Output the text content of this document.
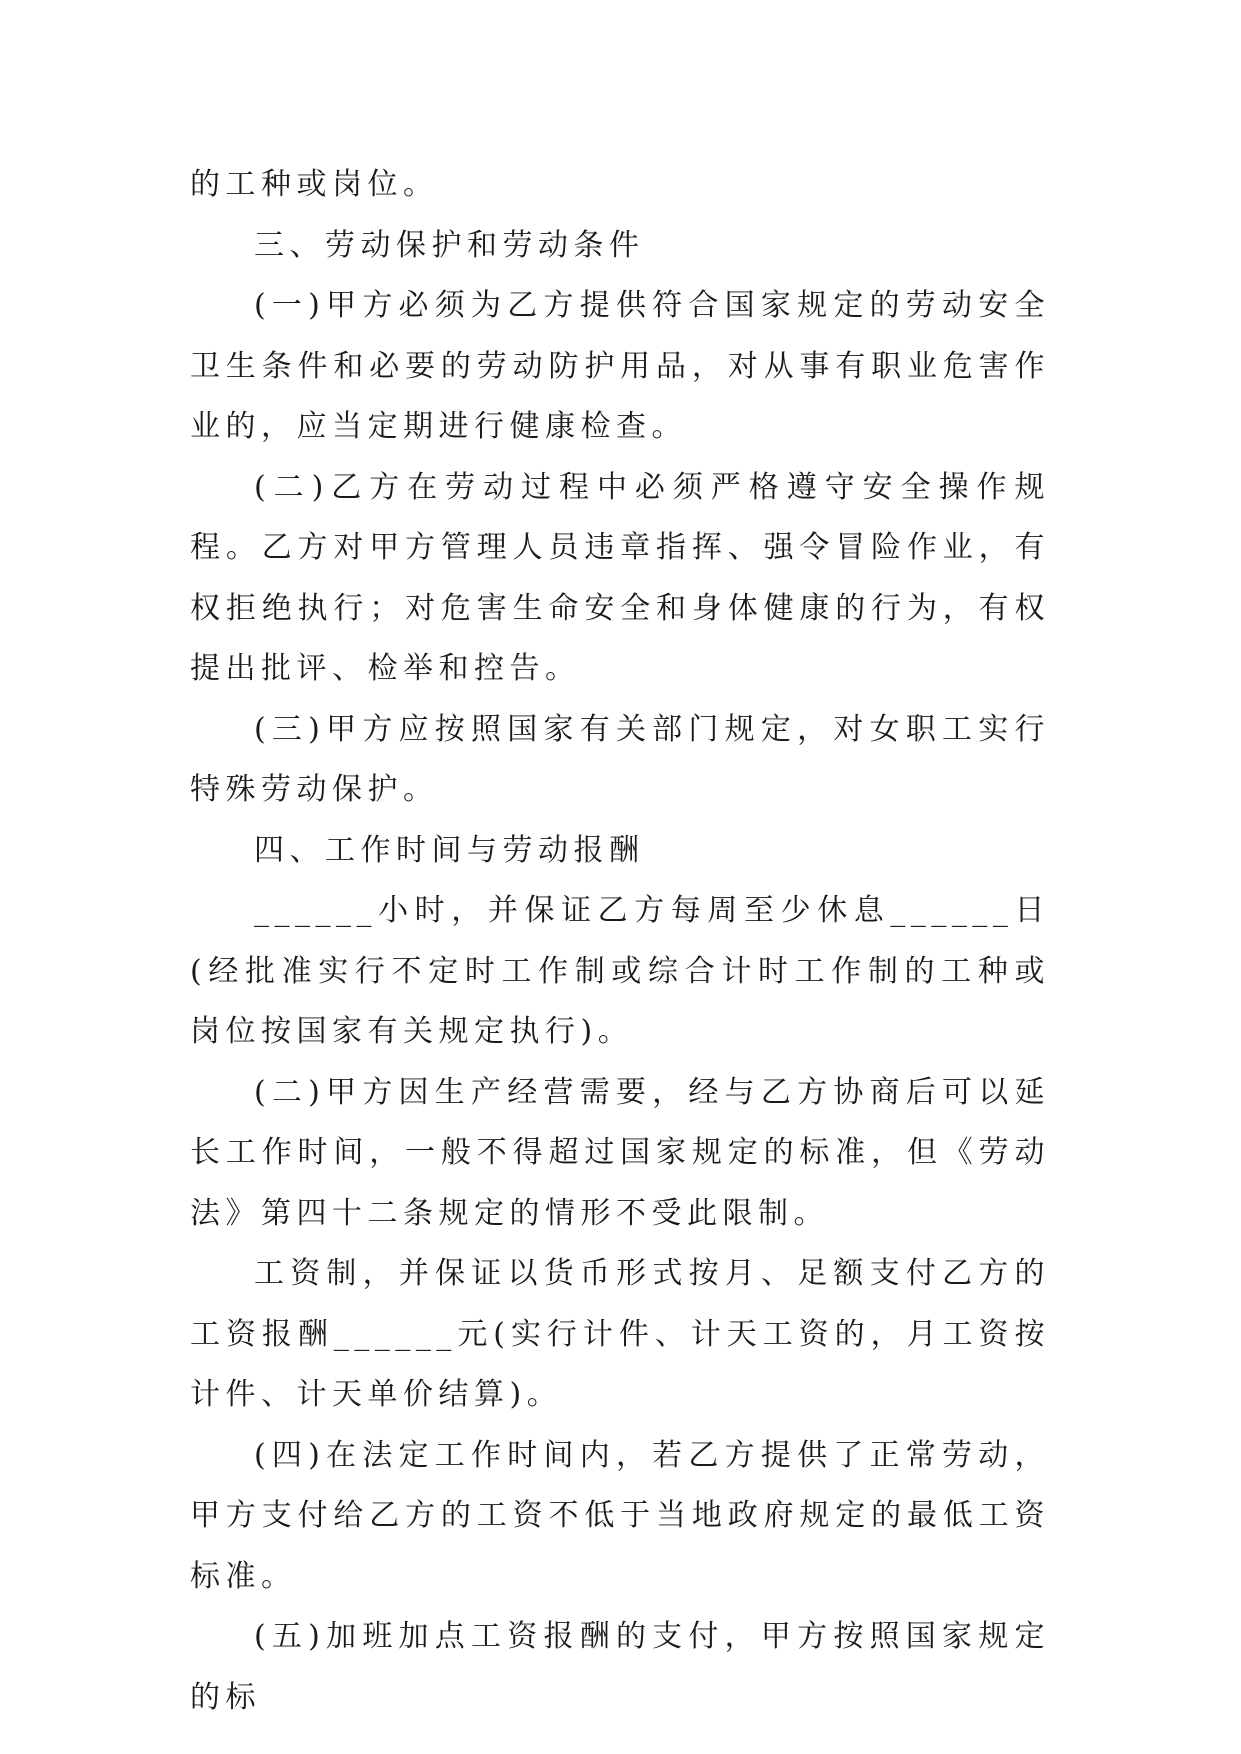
的工种或岗位。

三、劳动保护和劳动条件

(一)甲方必须为乙方提供符合国家规定的劳动安全卫生条件和必要的劳动防护用品，对从事有职业危害作业的，应当定期进行健康检查。

(二)乙方在劳动过程中必须严格遵守安全操作规程。乙方对甲方管理人员违章指挥、强令冒险作业，有权拒绝执行；对危害生命安全和身体健康的行为，有权提出批评、检举和控告。

(三)甲方应按照国家有关部门规定，对女职工实行特殊劳动保护。

四、工作时间与劳动报酬

______小时，并保证乙方每周至少休息______日(经批准实行不定时工作制或综合计时工作制的工种或岗位按国家有关规定执行)。

(二)甲方因生产经营需要，经与乙方协商后可以延长工作时间，一般不得超过国家规定的标准，但《劳动法》第四十二条规定的情形不受此限制。

工资制，并保证以货币形式按月、足额支付乙方的工资报酬______元(实行计件、计天工资的，月工资按计件、计天单价结算)。

(四)在法定工作时间内，若乙方提供了正常劳动，甲方支付给乙方的工资不低于当地政府规定的最低工资标准。

(五)加班加点工资报酬的支付，甲方按照国家规定的标
